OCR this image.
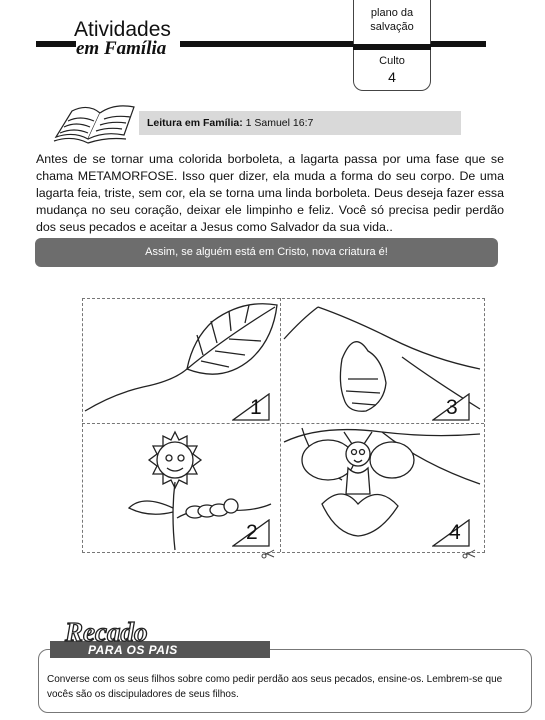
Atividades
em Família
plano da
salvação
Culto
4
Leitura em Família: 1 Samuel 16:7
Antes de se tornar uma colorida borboleta, a lagarta passa por uma fase que se chama METAMORFOSE. Isso quer dizer, ela muda a forma do seu corpo. De uma lagarta feia, triste, sem cor, ela se torna uma linda borboleta. Deus deseja fazer essa mudança no seu coração, deixar ele limpinho e feliz. Você só precisa pedir perdão dos seus pecados e aceitar a Jesus como Salvador da sua vida..
Assim, se alguém está em Cristo, nova criatura é!
1	3
2	4
PARA OS PAIS
Recado
Converse com os seus filhos sobre como pedir perdão aos seus pecados, ensine-os. Lembrem-se que vocês são os discipuladores de seus filhos.
